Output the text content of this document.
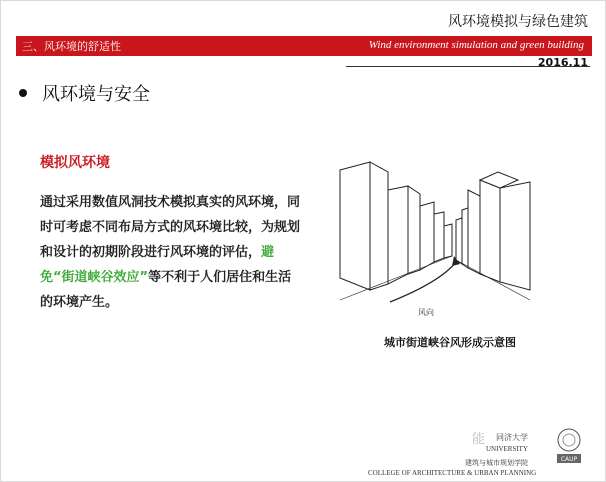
风环境模拟与绿色建筑
三、风环境的舒适性	Wind environment simulation and green building
2016.11
风环境与安全
模拟风环境
通过采用数值风洞技术模拟真实的风环境，同时可考虑不同布局方式的风环境比较，为规划和设计的初期阶段进行风环境的评估，避免“街道峡谷效应”等不利于人们居住和生活的环境产生。
风向
城市街道峡谷风形成示意图
能 同济大学
UNIVERSITY
建筑与城市规划学院
COLLEGE OF ARCHITECTURE & URBAN PLANNING
CAUP
